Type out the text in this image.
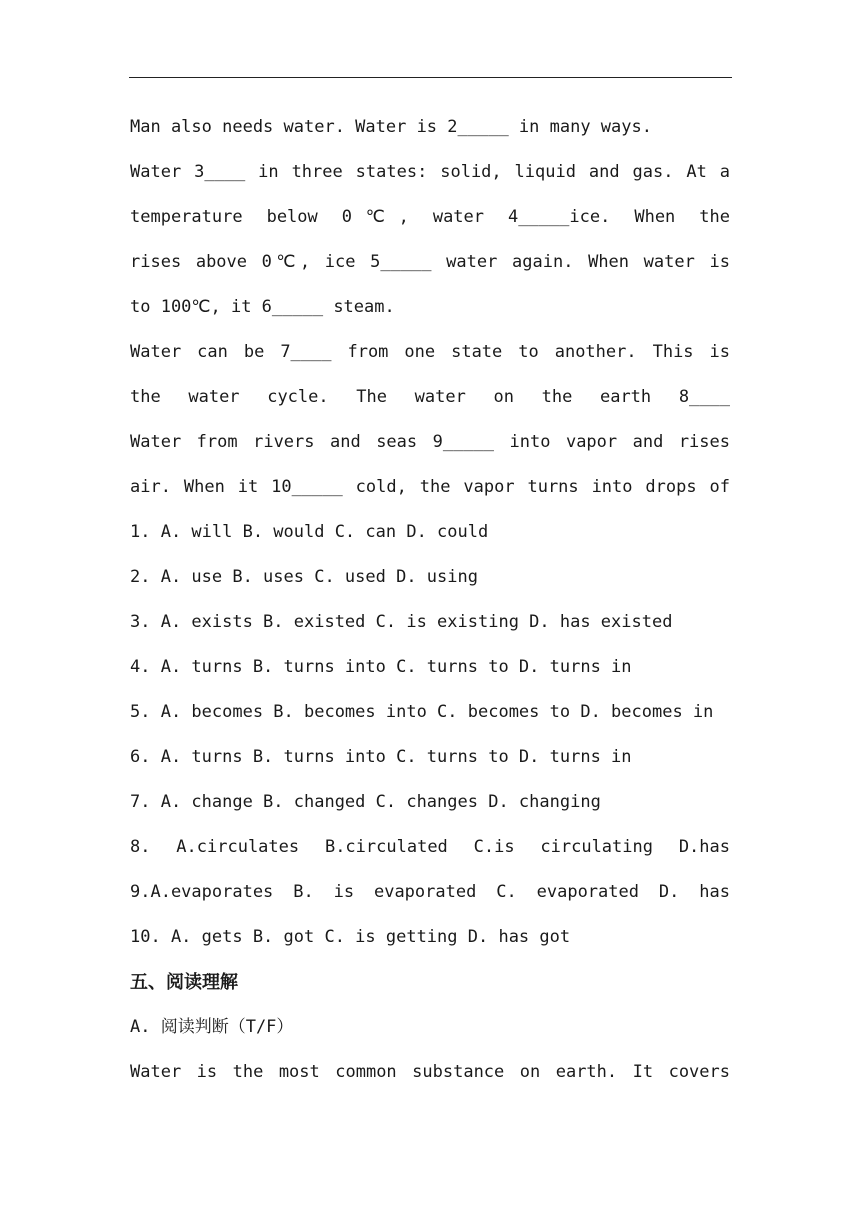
Man also needs water. Water is 2_____ in many ways.
Water 3____ in three states: solid, liquid and gas. At a
temperature below 0℃, water 4_____ice. When the
rises above 0℃, ice 5_____ water again. When water is
to 100℃, it 6_____ steam.
Water can be 7____ from one state to another. This is
the water cycle. The water on the earth 8____
Water from rivers and seas 9_____ into vapor and rises
air. When it 10_____ cold, the vapor turns into drops of
1. A. will B. would C. can D. could
2. A. use B. uses C. used D. using
3. A. exists B. existed C. is existing D. has existed
4. A. turns B. turns into C. turns to D. turns in
5. A. becomes B. becomes into C. becomes to D. becomes in
6. A. turns B. turns into C. turns to D. turns in
7. A. change B. changed C. changes D. changing
8. A.circulates B.circulated C.is circulating D.has
9.A.evaporates B. is evaporated C. evaporated D. has
10. A. gets B. got C. is getting D. has got
五、阅读理解
A. 阅读判断（T/F）
Water is the most common substance on earth. It covers
